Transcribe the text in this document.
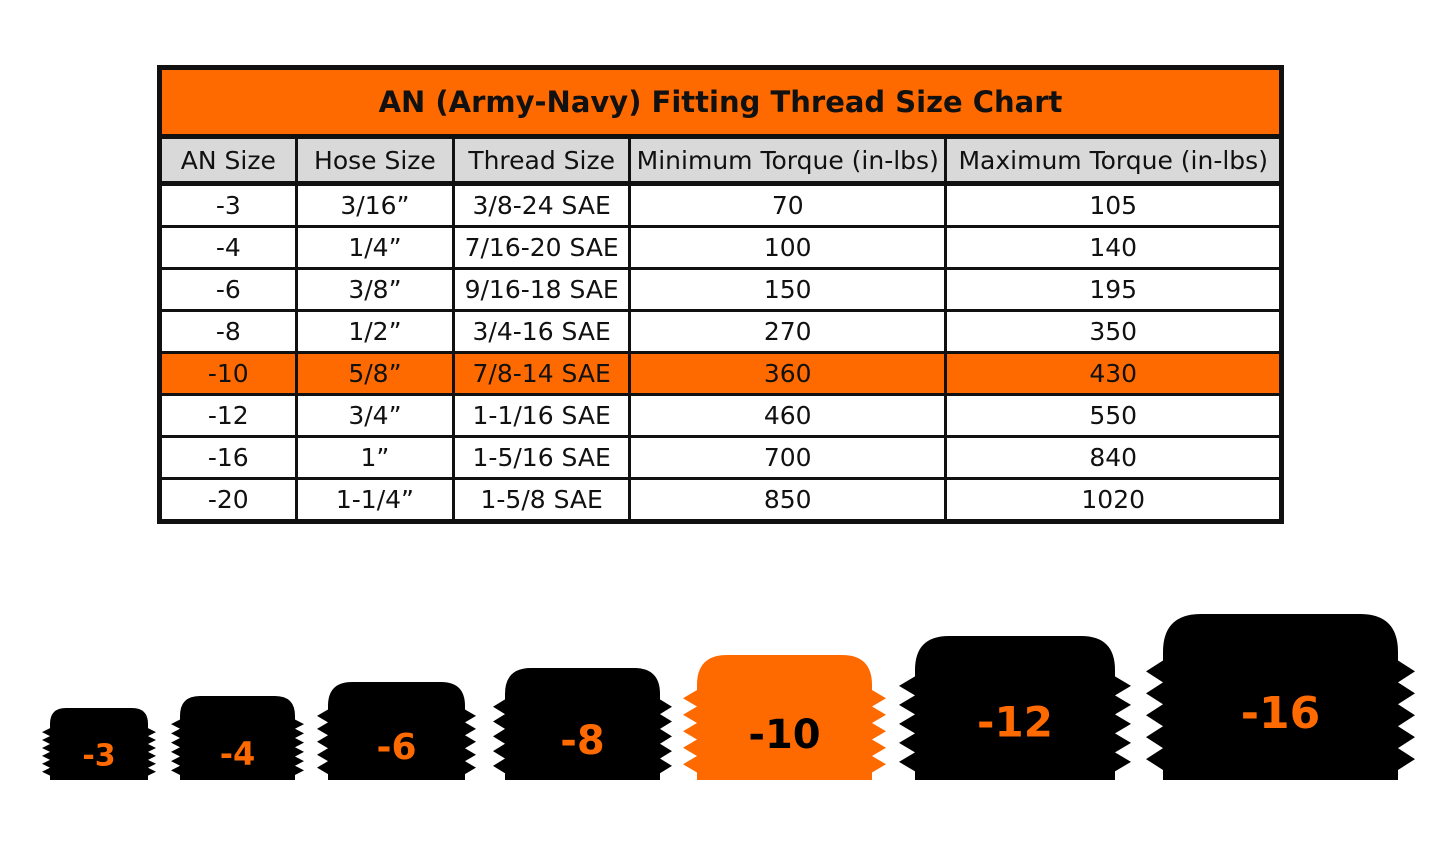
AN (Army-Navy) Fitting Thread Size Chart				
AN Size	Hose Size	Thread Size	Minimum Torque (in-lbs)	Maximum Torque (in-lbs)
-3	3/16”	3/8-24 SAE	70	105
-4	1/4”	7/16-20 SAE	100	140
-6	3/8”	9/16-18 SAE	150	195
-8	1/2”	3/4-16 SAE	270	350
-10	5/8”	7/8-14 SAE	360	430
-12	3/4”	1-1/16 SAE	460	550
-16	1”	1-5/16 SAE	700	840
-20	1-1/4”	1-5/8 SAE	850	1020
-3	-4	-6	-8	-10	-12	-16
